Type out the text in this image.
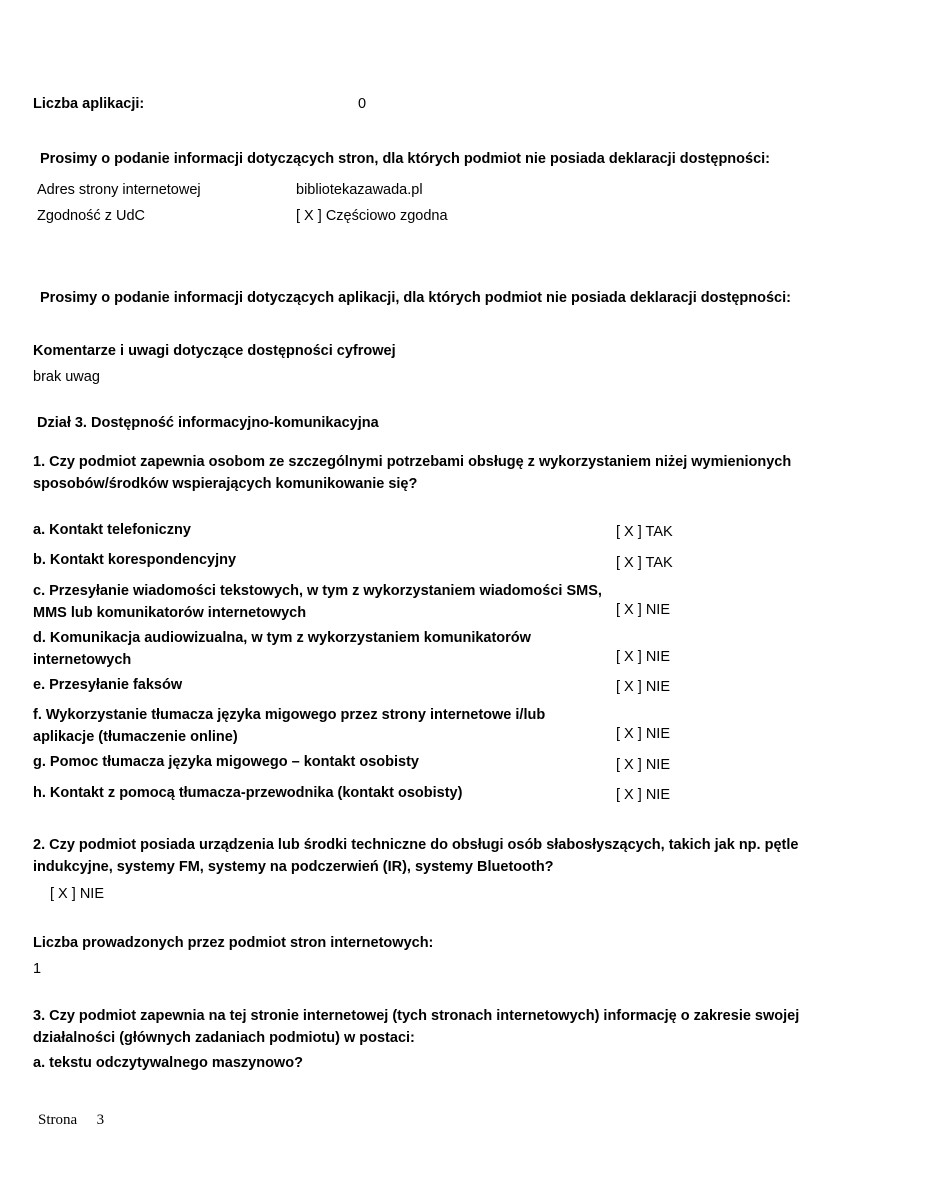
Liczba aplikacji:	0
Prosimy o podanie informacji dotyczących stron, dla których podmiot nie posiada deklaracji dostępności:
Adres strony internetowej	bibliotekazawada.pl
Zgodność z UdC	[ X ] Częściowo zgodna
Prosimy o podanie informacji dotyczących aplikacji, dla których podmiot nie posiada deklaracji dostępności:
Komentarze i uwagi dotyczące dostępności cyfrowej
brak uwag
Dział 3. Dostępność informacyjno-komunikacyjna
1. Czy podmiot zapewnia osobom ze szczególnymi potrzebami obsługę z wykorzystaniem niżej wymienionych sposobów/środków wspierających komunikowanie się?
a. Kontakt telefoniczny	[ X ] TAK
b. Kontakt korespondencyjny	[ X ] TAK
c. Przesyłanie wiadomości tekstowych, w tym z wykorzystaniem wiadomości SMS, MMS lub komunikatorów internetowych	[ X ] NIE
d. Komunikacja audiowizualna, w tym z wykorzystaniem komunikatorów internetowych	[ X ] NIE
e. Przesyłanie faksów	[ X ] NIE
f. Wykorzystanie tłumacza języka migowego przez strony internetowe i/lub aplikacje (tłumaczenie online)	[ X ] NIE
g. Pomoc tłumacza języka migowego – kontakt osobisty	[ X ] NIE
h. Kontakt z pomocą tłumacza-przewodnika (kontakt osobisty)	[ X ] NIE
2. Czy podmiot posiada urządzenia lub środki techniczne do obsługi osób słabosłyszących, takich jak np. pętle indukcyjne, systemy FM, systemy na podczerwień (IR), systemy Bluetooth?
[ X ] NIE
Liczba prowadzonych przez podmiot stron internetowych:
1
3. Czy podmiot zapewnia na tej stronie internetowej (tych stronach internetowych) informację o zakresie swojej działalności (głównych zadaniach podmiotu) w postaci:
a. tekstu odczytywalnego maszynowo?
Strona 3
